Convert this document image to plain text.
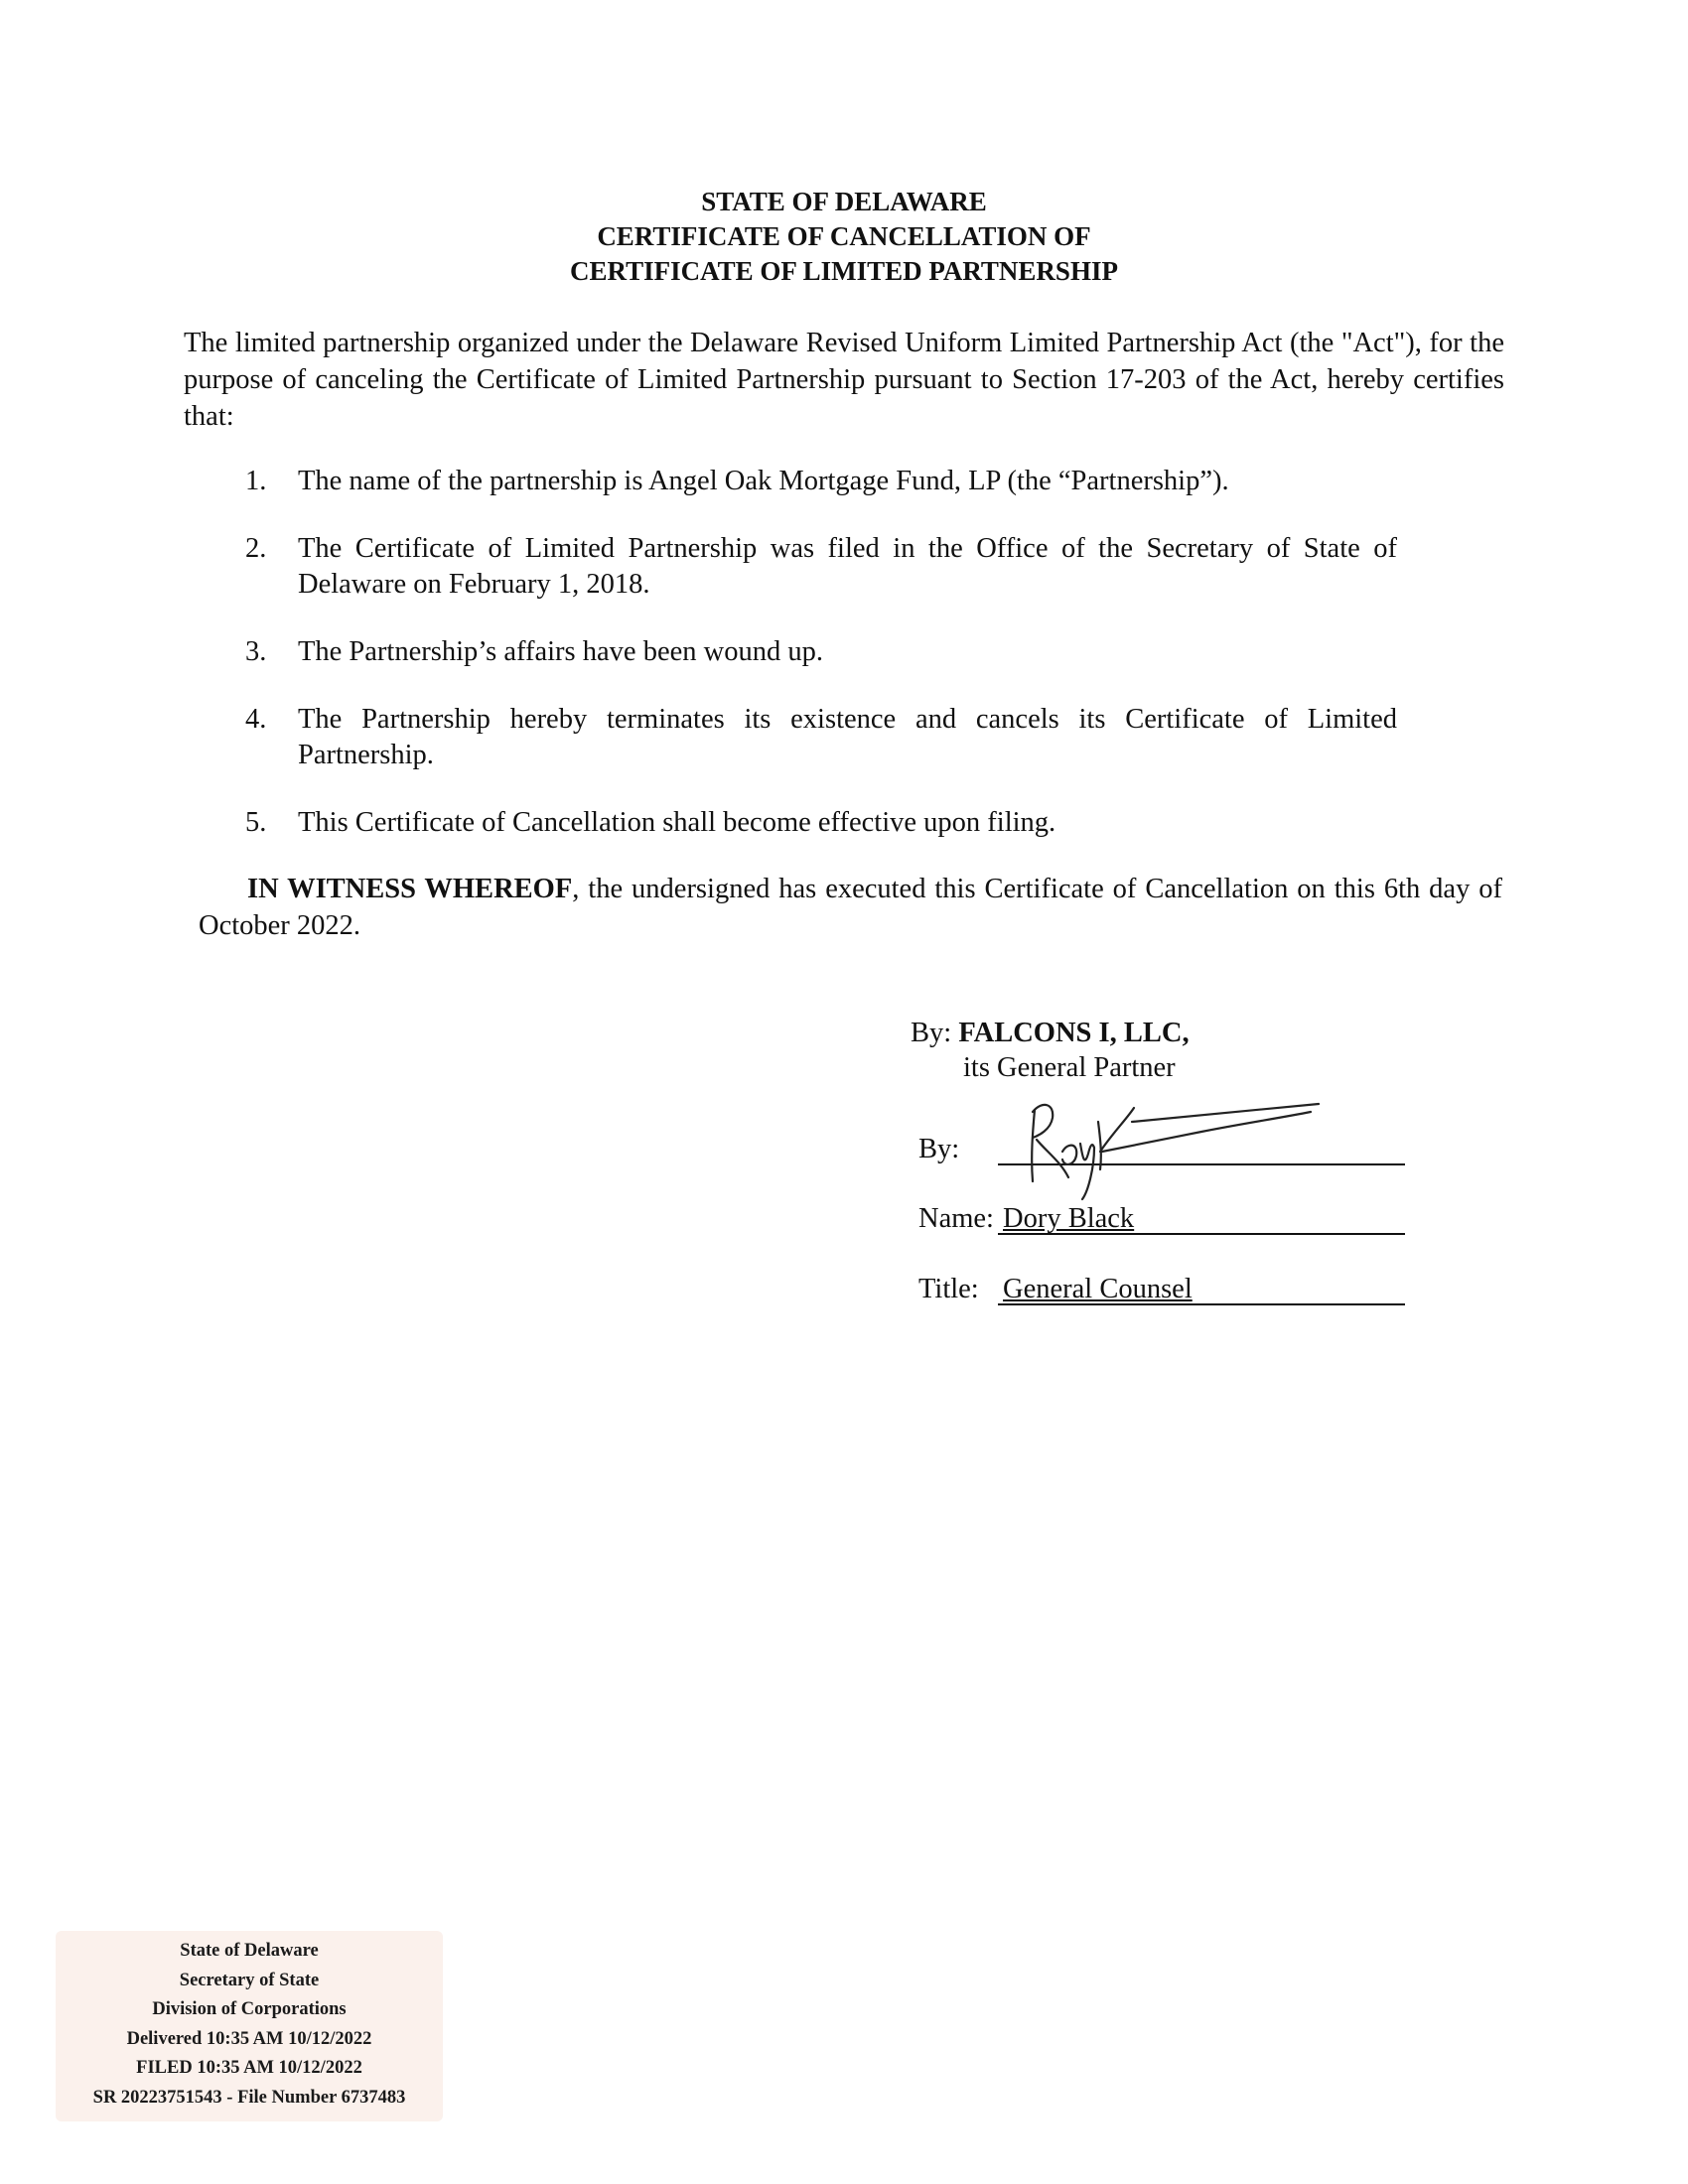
STATE OF DELAWARE
CERTIFICATE OF CANCELLATION OF
CERTIFICATE OF LIMITED PARTNERSHIP
The limited partnership organized under the Delaware Revised Uniform Limited Partnership Act (the "Act"), for the purpose of canceling the Certificate of Limited Partnership pursuant to Section 17-203 of the Act, hereby certifies that:
1. The name of the partnership is Angel Oak Mortgage Fund, LP (the “Partnership”).
2. The Certificate of Limited Partnership was filed in the Office of the Secretary of State of Delaware on February 1, 2018.
3. The Partnership’s affairs have been wound up.
4. The Partnership hereby terminates its existence and cancels its Certificate of Limited Partnership.
5. This Certificate of Cancellation shall become effective upon filing.
IN WITNESS WHEREOF, the undersigned has executed this Certificate of Cancellation on this 6th day of October 2022.
By: FALCONS I, LLC,
its General Partner
By:
Name: Dory Black
Title: General Counsel
State of Delaware
Secretary of State
Division of Corporations
Delivered 10:35 AM 10/12/2022
FILED 10:35 AM 10/12/2022
SR 20223751543 - File Number 6737483
